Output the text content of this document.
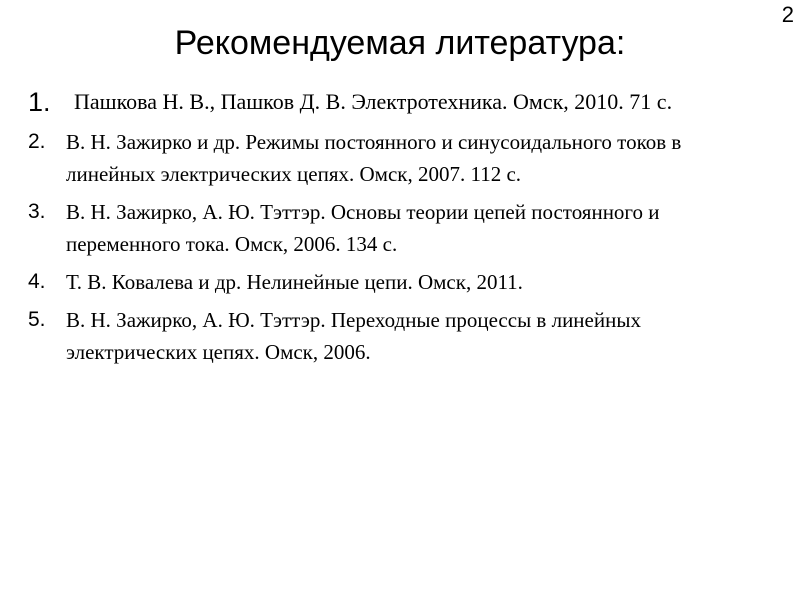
2
Рекомендуемая литература:
1.	Пашкова Н. В., Пашков Д. В. Электротехника. Омск, 2010. 71 с.
2. В. Н. Зажирко и др. Режимы постоянного и синусоидального токов в линейных электрических цепях. Омск, 2007. 112 с.
3. В. Н. Зажирко, А. Ю. Тэттэр. Основы теории цепей постоянного и переменного тока. Омск, 2006. 134 с.
4. Т. В. Ковалева и др. Нелинейные цепи. Омск, 2011.
5. В. Н. Зажирко, А. Ю. Тэттэр. Переходные процессы в линейных электрических цепях. Омск, 2006.
